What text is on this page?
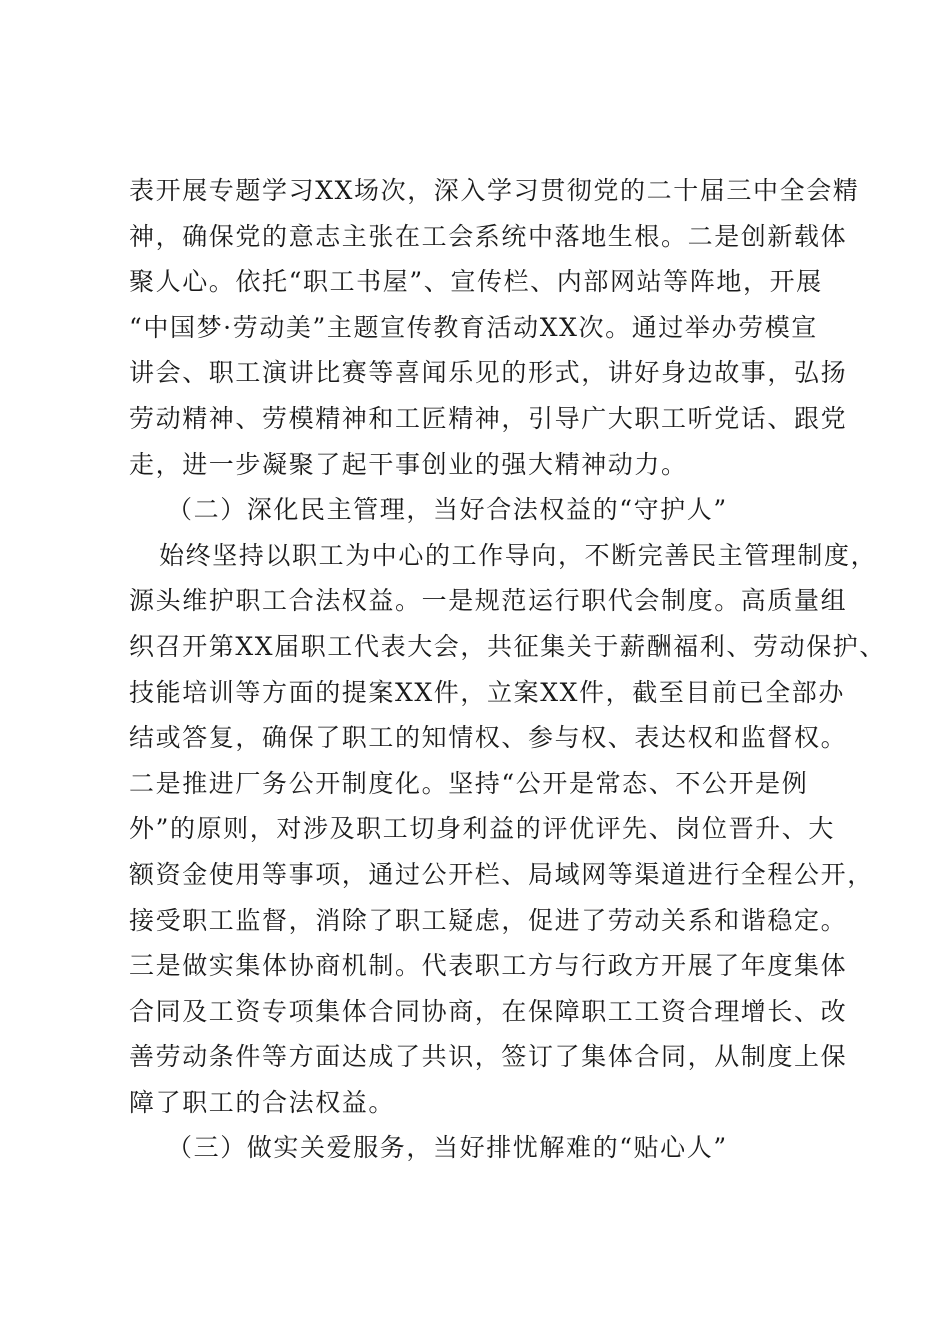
表开展专题学习XX场次，深入学习贯彻党的二十届三中全会精
神，确保党的意志主张在工会系统中落地生根。二是创新载体
聚人心。依托“职工书屋”、宣传栏、内部网站等阵地，开展
“中国梦·劳动美”主题宣传教育活动XX次。通过举办劳模宣
讲会、职工演讲比赛等喜闻乐见的形式，讲好身边故事，弘扬
劳动精神、劳模精神和工匠精神，引导广大职工听党话、跟党
走，进一步凝聚了起干事创业的强大精神动力。
（二）深化民主管理，当好合法权益的“守护人”
始终坚持以职工为中心的工作导向，不断完善民主管理制度，
源头维护职工合法权益。一是规范运行职代会制度。高质量组
织召开第XX届职工代表大会，共征集关于薪酬福利、劳动保护、
技能培训等方面的提案XX件，立案XX件，截至目前已全部办
结或答复，确保了职工的知情权、参与权、表达权和监督权。
二是推进厂务公开制度化。坚持“公开是常态、不公开是例
外”的原则，对涉及职工切身利益的评优评先、岗位晋升、大
额资金使用等事项，通过公开栏、局域网等渠道进行全程公开，
接受职工监督，消除了职工疑虑，促进了劳动关系和谐稳定。
三是做实集体协商机制。代表职工方与行政方开展了年度集体
合同及工资专项集体合同协商，在保障职工工资合理增长、改
善劳动条件等方面达成了共识，签订了集体合同，从制度上保
障了职工的合法权益。
（三）做实关爱服务，当好排忧解难的“贴心人”
